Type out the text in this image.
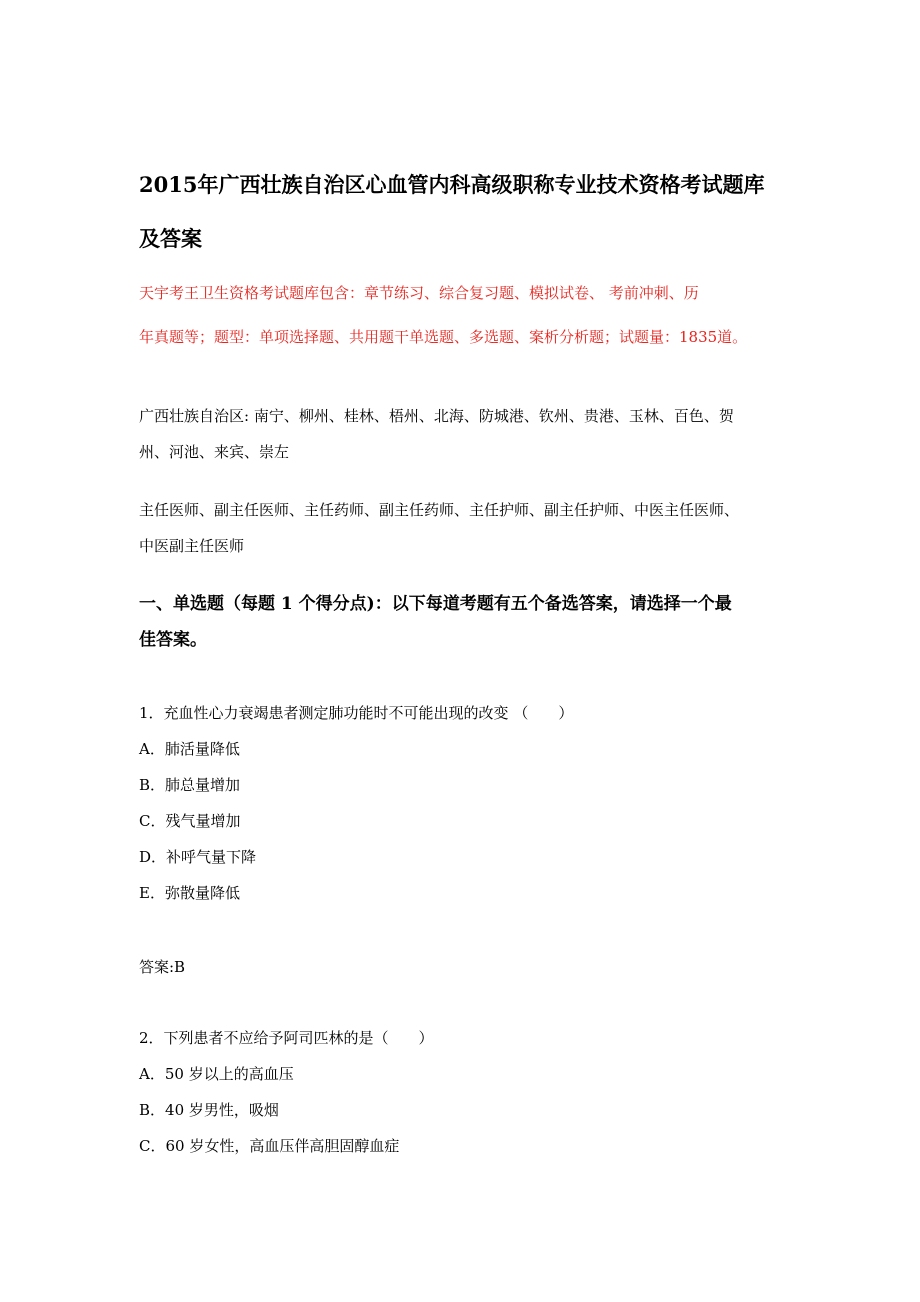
2015年广西壮族自治区心血管内科高级职称专业技术资格考试题库
及答案
天宇考王卫生资格考试题库包含：章节练习、综合复习题、模拟试卷、 考前冲刺、历
年真题等；题型：单项选择题、共用题干单选题、多选题、案析分析题；试题量：1835道。
广西壮族自治区: 南宁、柳州、桂林、梧州、北海、防城港、钦州、贵港、玉林、百色、贺
州、河池、来宾、崇左
主任医师、副主任医师、主任药师、副主任药师、主任护师、副主任护师、中医主任医师、
中医副主任医师
一、单选题（每题 1 个得分点)：以下每道考题有五个备选答案，请选择一个最
佳答案。
1．充血性心力衰竭患者测定肺功能时不可能出现的改变 （　　）
A．肺活量降低
B．肺总量增加
C．残气量增加
D．补呼气量下降
E．弥散量降低
答案:B
2．下列患者不应给予阿司匹林的是（　　）
A．50 岁以上的高血压
B．40 岁男性，吸烟
C．60 岁女性，高血压伴高胆固醇血症
